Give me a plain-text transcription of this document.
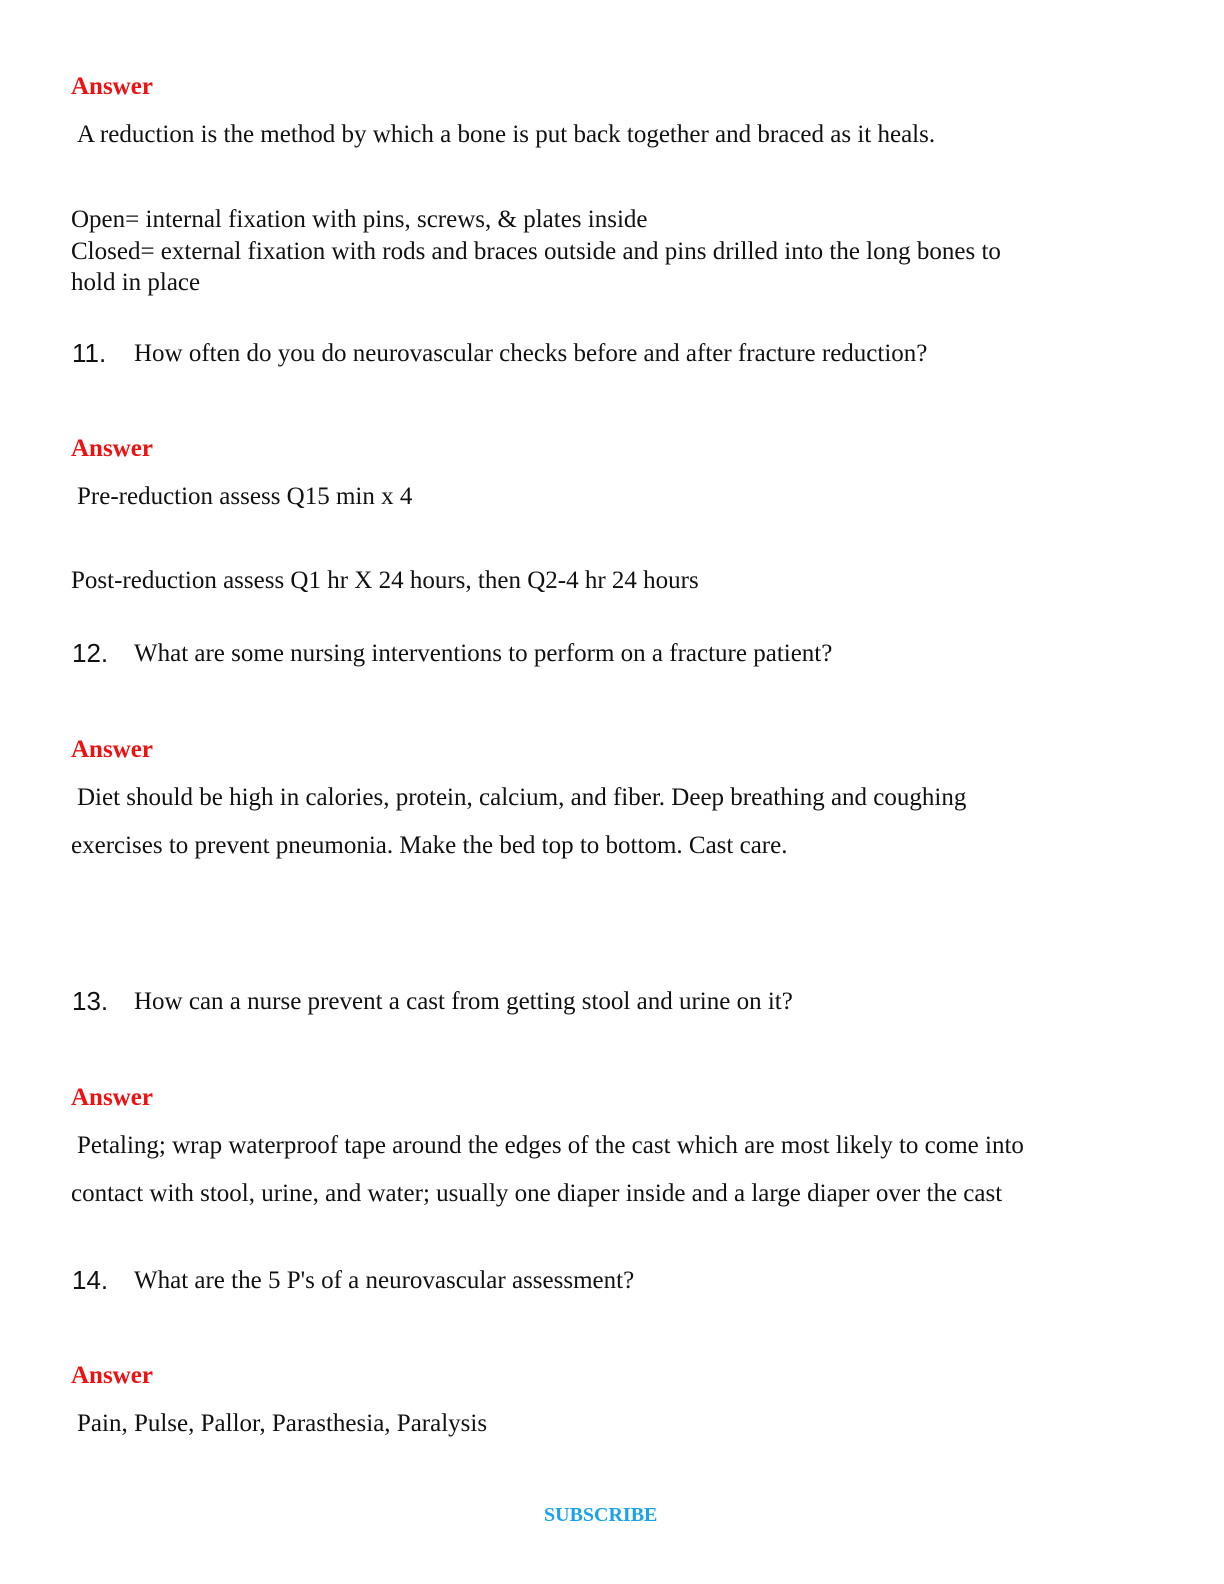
Answer

A reduction is the method by which a bone is put back together and braced as it heals.

Open= internal fixation with pins, screws, & plates inside

Closed= external fixation with rods and braces outside and pins drilled into the long bones to

hold in place

11. How often do you do neurovascular checks before and after fracture reduction?

Answer

Pre-reduction assess Q15 min x 4

Post-reduction assess Q1 hr X 24 hours, then Q2-4 hr 24 hours

12. What are some nursing interventions to perform on a fracture patient?

Answer

Diet should be high in calories, protein, calcium, and fiber. Deep breathing and coughing

exercises to prevent pneumonia. Make the bed top to bottom. Cast care.

13. How can a nurse prevent a cast from getting stool and urine on it?

Answer

Petaling; wrap waterproof tape around the edges of the cast which are most likely to come into

contact with stool, urine, and water; usually one diaper inside and a large diaper over the cast

14. What are the 5 P's of a neurovascular assessment?

Answer

Pain, Pulse, Pallor, Parasthesia, Paralysis

SUBSCRIBE
